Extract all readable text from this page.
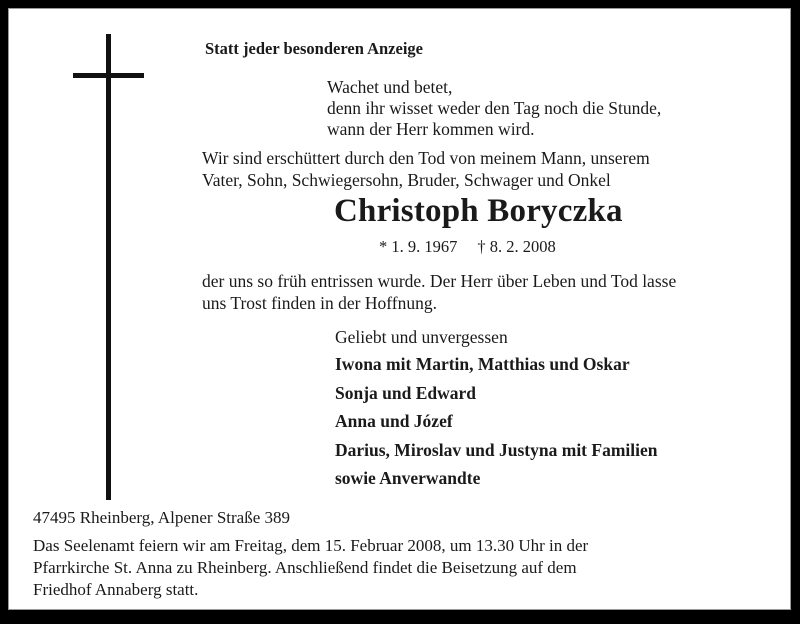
Statt jeder besonderen Anzeige
Wachet und betet,
denn ihr wisset weder den Tag noch die Stunde,
wann der Herr kommen wird.
Wir sind erschüttert durch den Tod von meinem Mann, unserem
Vater, Sohn, Schwiegersohn, Bruder, Schwager und Onkel
Christoph Boryczka
* 1. 9. 1967 † 8. 2. 2008
der uns so früh entrissen wurde. Der Herr über Leben und Tod lasse
uns Trost finden in der Hoffnung.
Geliebt und unvergessen
Iwona mit Martin, Matthias und Oskar
Sonja und Edward
Anna und Józef
Darius, Miroslav und Justyna mit Familien
sowie Anverwandte
47495 Rheinberg, Alpener Straße 389
Das Seelenamt feiern wir am Freitag, dem 15. Februar 2008, um 13.30 Uhr in der
Pfarrkirche St. Anna zu Rheinberg. Anschließend findet die Beisetzung auf dem
Friedhof Annaberg statt.
